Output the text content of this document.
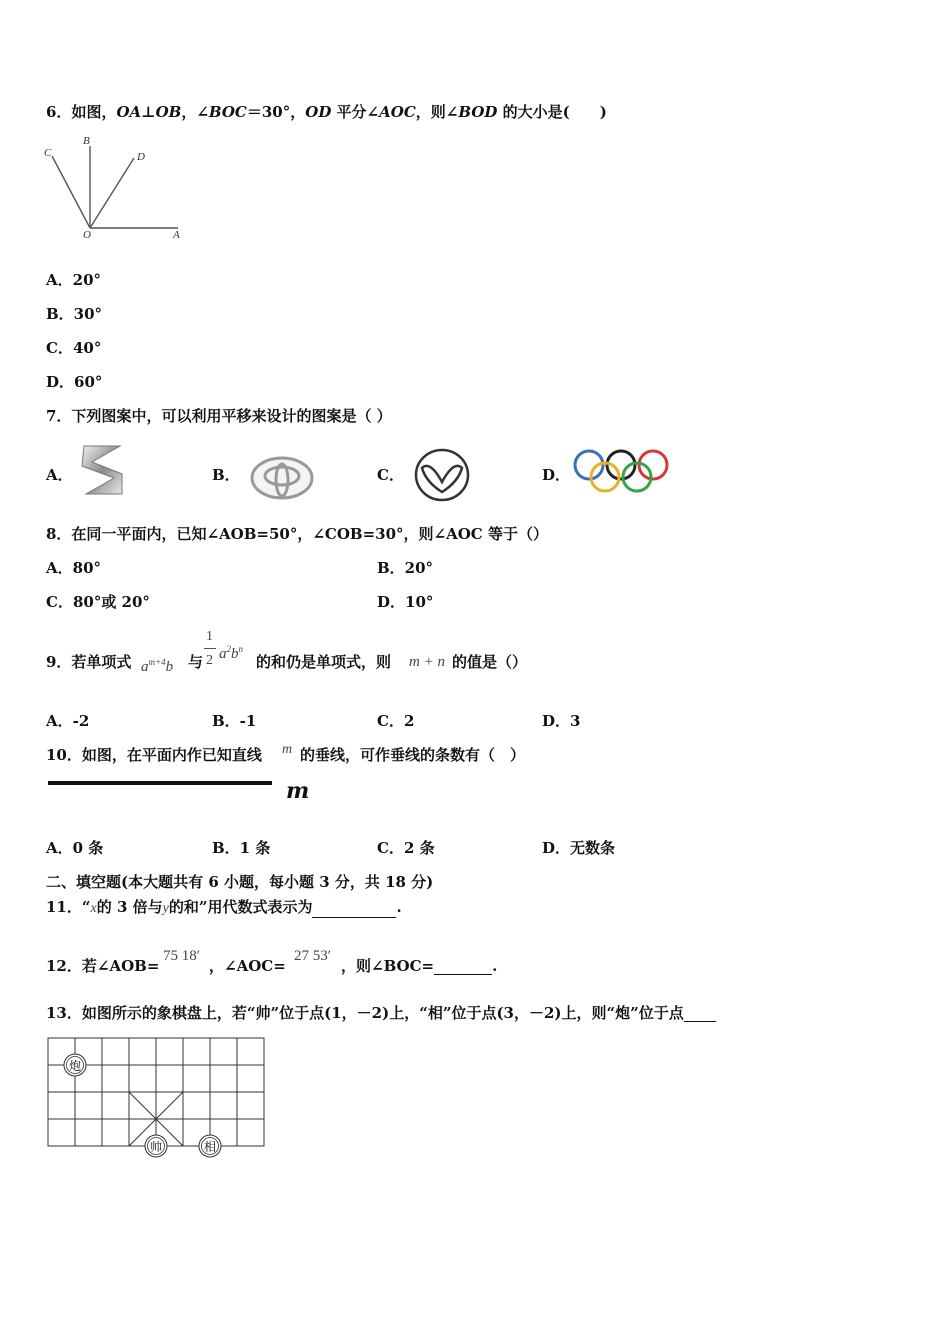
6．如图，OA⊥OB，∠BOC＝30°，OD 平分∠AOC，则∠BOD 的大小是(　　)
C
B
D
O	A
A．20°
B．30°
C．40°
D．60°
7．下列图案中，可以利用平移来设计的图案是（ ）
A．	B．	C．	D．
8．在同一平面内，已知∠AOB=50°，∠COB=30°，则∠AOC 等于（）
A．80°	B．20°
C．80°或 20°	D．10°
9．若单项式 $a^{m+4}b$ 与
1
2 $a^2b^n$
的和仍是单项式，则 m + n 的值是（）
A．-2	B．-1	C．2	D．3
10．如图，在平面内作已知直线 m 的垂线，可作垂线的条数有（　）
m
A．0 条	B．1 条	C．2 条	D．无数条
二、填空题(本大题共有 6 小题，每小题 3 分，共 18 分)
11．“x的 3 倍与y的和”用代数式表示为	.
12．若∠AOB=
75 18′
，∠AOC=
27 53′
，则∠BOC=	.
13．如图所示的象棋盘上，若“帅”位于点(1，－2)上，“相”位于点(3，－2)上，则“炮”位于点
炮
帅	相
